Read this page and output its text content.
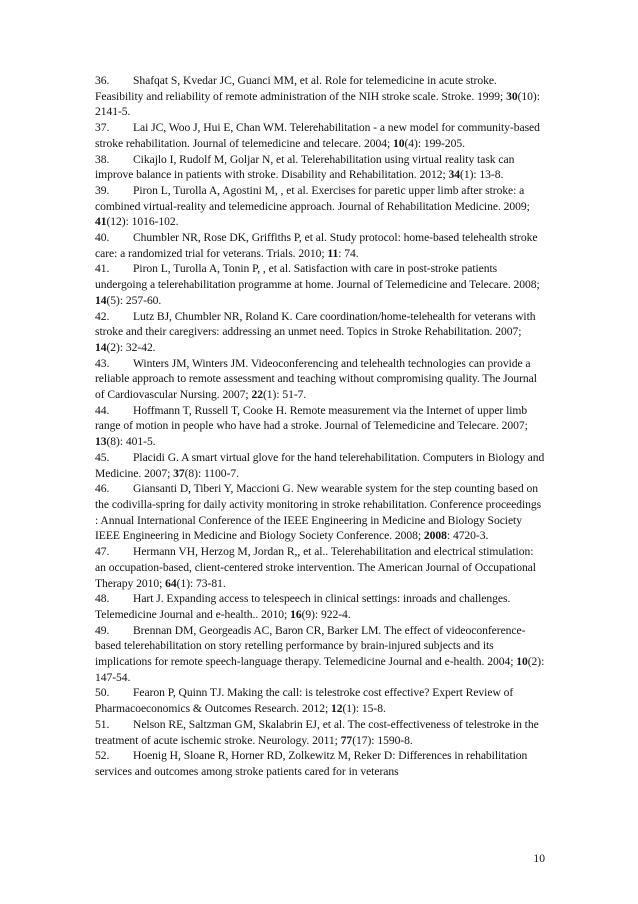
36. Shafqat S, Kvedar JC, Guanci MM, et al. Role for telemedicine in acute stroke. Feasibility and reliability of remote administration of the NIH stroke scale. Stroke. 1999; 30(10): 2141-5.

37. Lai JC, Woo J, Hui E, Chan WM. Telerehabilitation - a new model for community-based stroke rehabilitation. Journal of telemedicine and telecare. 2004; 10(4): 199-205.

38. Cikajlo I, Rudolf M, Goljar N, et al. Telerehabilitation using virtual reality task can improve balance in patients with stroke. Disability and Rehabilitation. 2012; 34(1): 13-8.

39. Piron L, Turolla A, Agostini M, , et al. Exercises for paretic upper limb after stroke: a combined virtual-reality and telemedicine approach. Journal of Rehabilitation Medicine. 2009; 41(12): 1016-102.

40. Chumbler NR, Rose DK, Griffiths P, et al. Study protocol: home-based telehealth stroke care: a randomized trial for veterans. Trials. 2010; 11: 74.

41. Piron L, Turolla A, Tonin P, , et al. Satisfaction with care in post-stroke patients undergoing a telerehabilitation programme at home. Journal of Telemedicine and Telecare. 2008; 14(5): 257-60.

42. Lutz BJ, Chumbler NR, Roland K. Care coordination/home-telehealth for veterans with stroke and their caregivers: addressing an unmet need. Topics in Stroke Rehabilitation. 2007; 14(2): 32-42.

43. Winters JM, Winters JM. Videoconferencing and telehealth technologies can provide a reliable approach to remote assessment and teaching without compromising quality. The Journal of Cardiovascular Nursing. 2007; 22(1): 51-7.

44. Hoffmann T, Russell T, Cooke H. Remote measurement via the Internet of upper limb range of motion in people who have had a stroke. Journal of Telemedicine and Telecare. 2007; 13(8): 401-5.

45. Placidi G. A smart virtual glove for the hand telerehabilitation. Computers in Biology and Medicine. 2007; 37(8): 1100-7.

46. Giansanti D, Tiberi Y, Maccioni G. New wearable system for the step counting based on the codivilla-spring for daily activity monitoring in stroke rehabilitation. Conference proceedings : Annual International Conference of the IEEE Engineering in Medicine and Biology Society IEEE Engineering in Medicine and Biology Society Conference. 2008; 2008: 4720-3.

47. Hermann VH, Herzog M, Jordan R,, et al.. Telerehabilitation and electrical stimulation: an occupation-based, client-centered stroke intervention. The American Journal of Occupational Therapy 2010; 64(1): 73-81.

48. Hart J. Expanding access to telespeech in clinical settings: inroads and challenges. Telemedicine Journal and e-health.. 2010; 16(9): 922-4.

49. Brennan DM, Georgeadis AC, Baron CR, Barker LM. The effect of videoconference-based telerehabilitation on story retelling performance by brain-injured subjects and its implications for remote speech-language therapy. Telemedicine Journal and e-health. 2004; 10(2): 147-54.

50. Fearon P, Quinn TJ. Making the call: is telestroke cost effective? Expert Review of Pharmacoeconomics & Outcomes Research. 2012; 12(1): 15-8.

51. Nelson RE, Saltzman GM, Skalabrin EJ, et al. The cost-effectiveness of telestroke in the treatment of acute ischemic stroke. Neurology. 2011; 77(17): 1590-8.

52. Hoenig H, Sloane R, Horner RD, Zolkewitz M, Reker D: Differences in rehabilitation services and outcomes among stroke patients cared for in veterans

10
